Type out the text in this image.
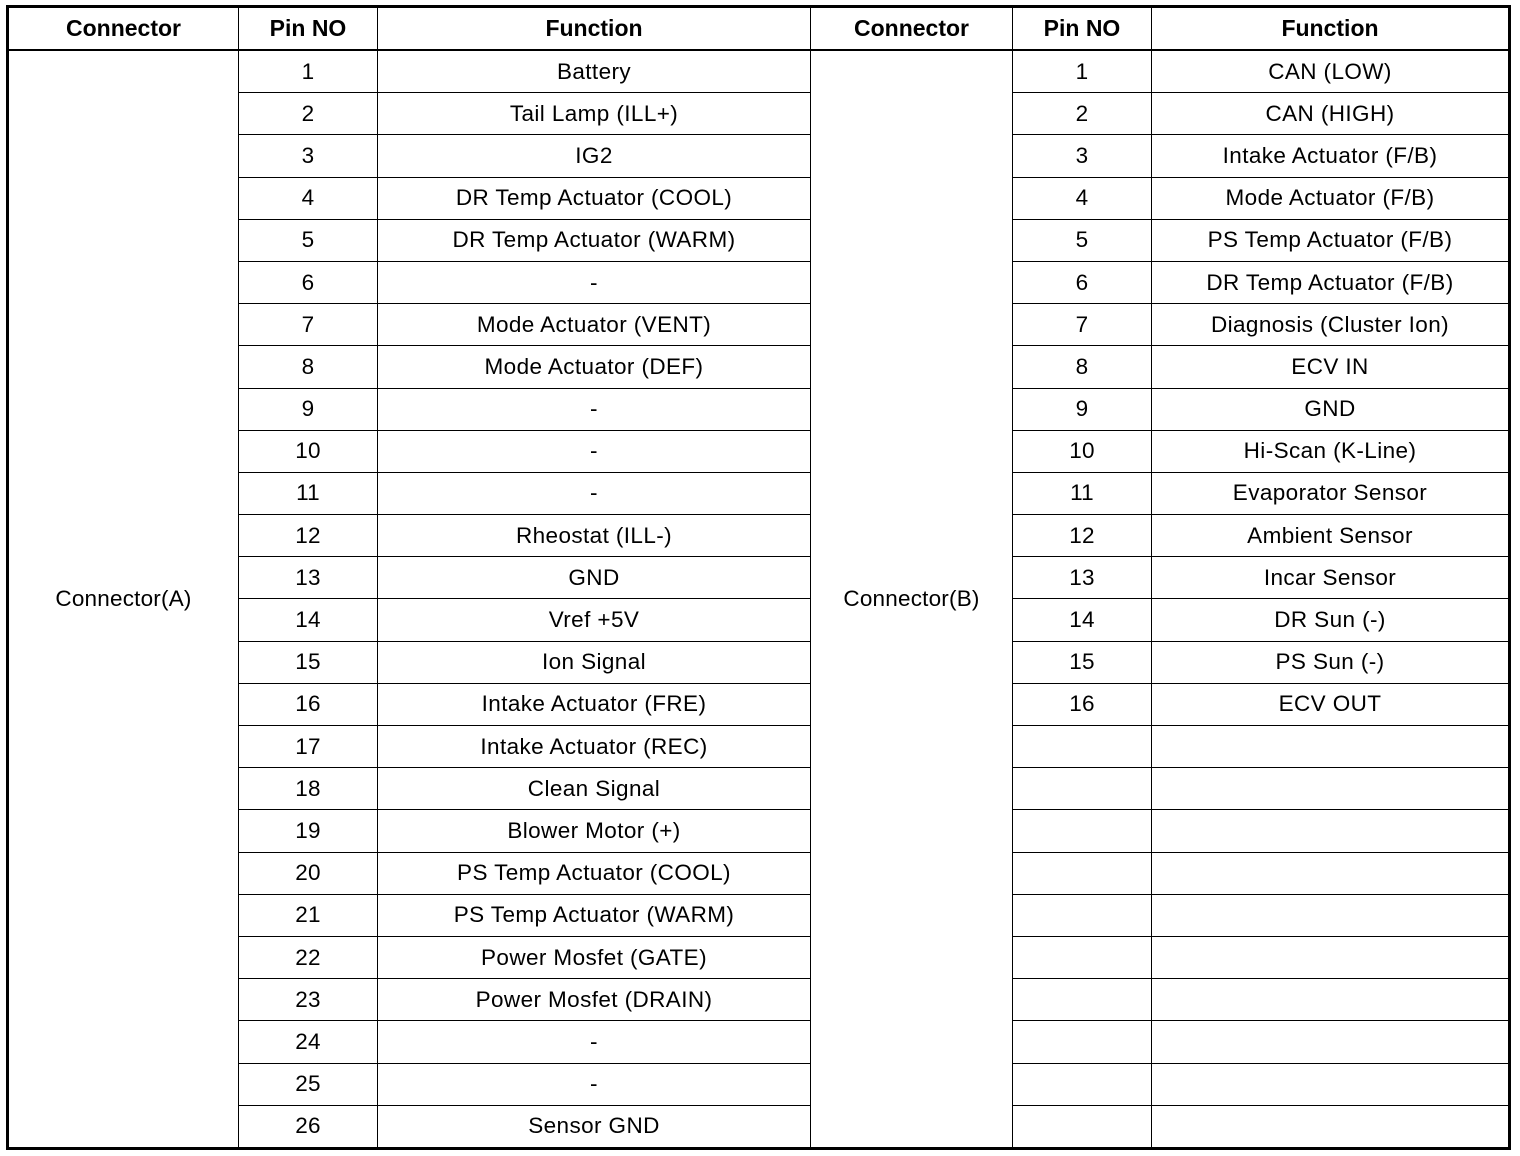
Connector	Pin NO	Function	Connector	Pin NO	Function
Connector(A)	1	Battery	Connector(B)	1	CAN (LOW)
	2	Tail Lamp (ILL+)		2	CAN (HIGH)
	3	IG2		3	Intake Actuator (F/B)
	4	DR Temp Actuator (COOL)		4	Mode Actuator (F/B)
	5	DR Temp Actuator (WARM)		5	PS Temp Actuator (F/B)
	6	-		6	DR Temp Actuator (F/B)
	7	Mode Actuator (VENT)		7	Diagnosis (Cluster Ion)
	8	Mode Actuator (DEF)		8	ECV IN
	9	-		9	GND
	10	-		10	Hi-Scan (K-Line)
	11	-		11	Evaporator Sensor
	12	Rheostat (ILL-)		12	Ambient Sensor
	13	GND		13	Incar Sensor
	14	Vref +5V		14	DR Sun (-)
	15	Ion Signal		15	PS Sun (-)
	16	Intake Actuator (FRE)		16	ECV OUT
	17	Intake Actuator (REC)			
	18	Clean Signal			
	19	Blower Motor (+)			
	20	PS Temp Actuator (COOL)			
	21	PS Temp Actuator (WARM)			
	22	Power Mosfet (GATE)			
	23	Power Mosfet (DRAIN)			
	24	-			
	25	-			
	26	Sensor GND			
